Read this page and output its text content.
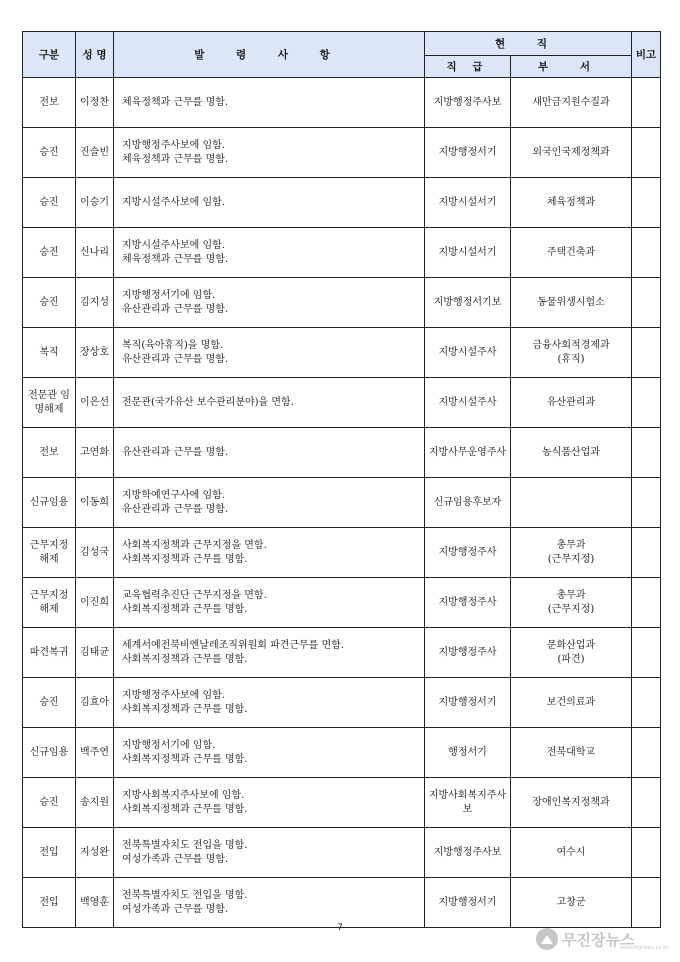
구분	성 명	발 령 사 항	현 직		비고
			직 급	부 서	
전보	이정찬	체육정책과 근무를 명함.	지방행정주사보	새만금지원수질과	

승진	진슬빈	지방행정주사보에 임함.
체육정책과 근무를 명함.	지방행정서기	외국인국제정책과	

승진	이승기	지방시설주사보에 임함.	지방시설서기	체육정책과	

승진	신나리	지방시설주사보에 임함.
체육정책과 근무를 명함.	지방시설서기	주택건축과	

승진	김지성	지방행정서기에 임함.
유산관리과 근무를 명함.	지방행정서기보	동물위생시험소	

복직	장상호	복직(육아휴직)을 명함.
유산관리과 근무를 명함.	지방시설주사	금융사회적경제과
(휴직)	

전문관 임명해제	이은선	전문관(국가유산 보수관리분야)을 면함.	지방시설주사	유산관리과	

전보	고연화	유산관리과 근무를 명함.	지방사무운영주사	농식품산업과	

신규임용	이동희	지방학예연구사에 임함.
유산관리과 근무를 명함.	신규임용후보자		
근무지정 해제	김성국	사회복지정책과 근무지정을 면함.
사회복지정책과 근무를 명함.	지방행정주사	총무과
(근무지정)	

근무지정 해제	이진희	교육협력추진단 근무지정을 면함.
사회복지정책과 근무를 명함.	지방행정주사	총무과
(근무지정)	

파견복귀	김태균	세계서예전북비엔날레조직위원회 파견근무를 면함.
사회복지정책과 근무를 명함.	지방행정주사	문화산업과
(파견)	

승진	김효아	지방행정주사보에 임함.
사회복지정책과 근무를 명함.	지방행정서기	보건의료과	

신규임용	백주연	지방행정서기에 임함.
사회복지정책과 근무를 명함.	행정서기	전북대학교	

승진	송지원	지방사회복지주사보에 임함.
사회복지정책과 근무를 명함.	지방사회복지주사보	장애인복지정책과	

전입	지성완	전북특별자치도 전입을 명함.
여성가족과 근무를 명함.	지방행정주사보	여수시	

전입	백영훈	전북특별자치도 전입을 명함.
여성가족과 근무를 명함.	지방행정서기	고창군	

7
무진장뉴스
www.mjjnews.co.kr
